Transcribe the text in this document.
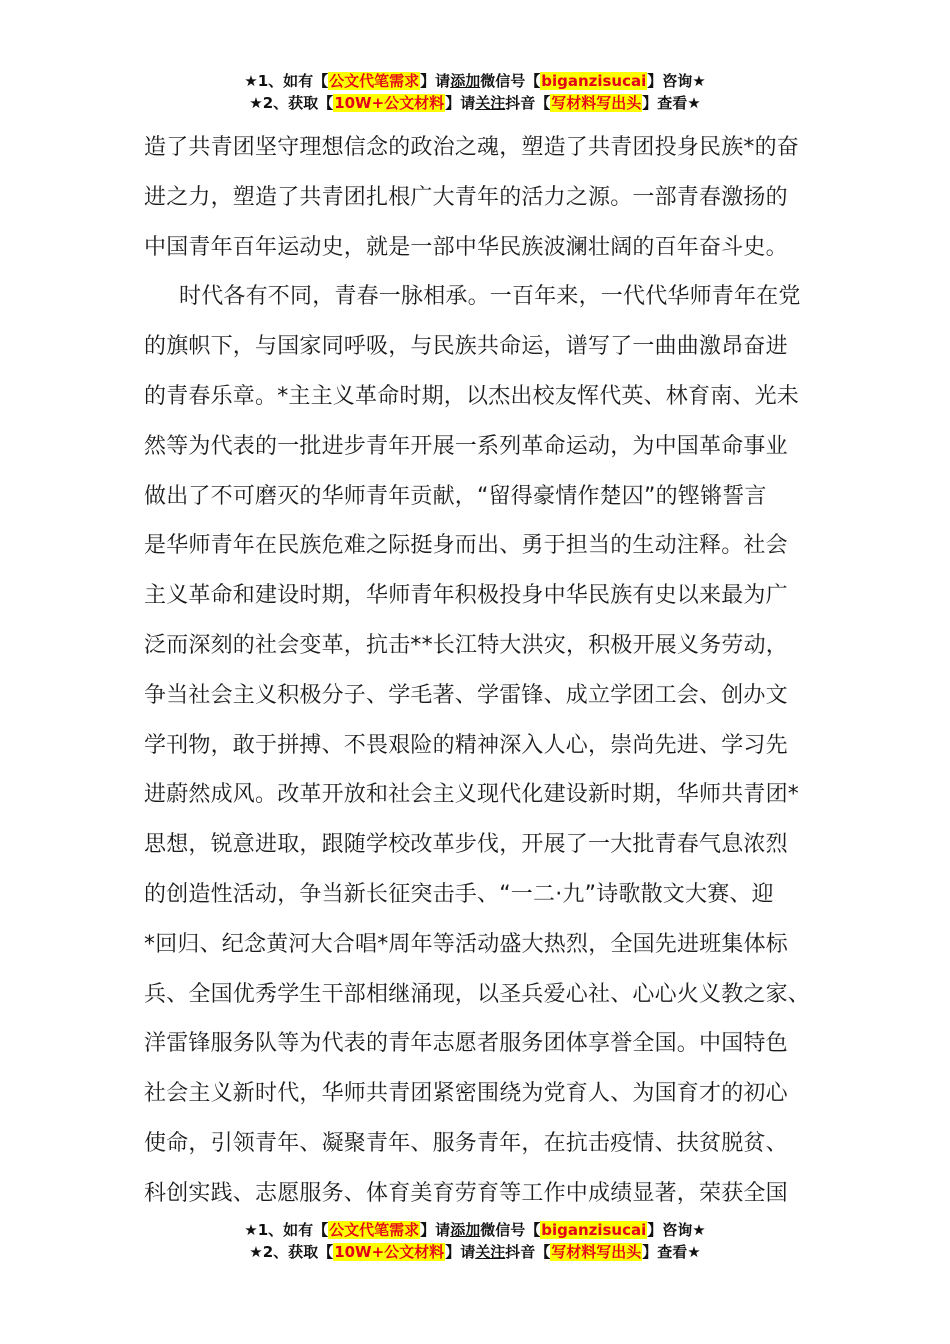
★1、如有【公文代笔需求】请添加微信号【biganzisucai】咨询★
★2、获取【10W+公文材料】请关注抖音【写材料写出头】查看★

造了共青团坚守理想信念的政治之魂，塑造了共青团投身民族*的奋
进之力，塑造了共青团扎根广大青年的活力之源。一部青春激扬的
中国青年百年运动史，就是一部中华民族波澜壮阔的百年奋斗史。

时代各有不同，青春一脉相承。一百年来，一代代华师青年在党
的旗帜下，与国家同呼吸，与民族共命运，谱写了一曲曲激昂奋进
的青春乐章。*主主义革命时期，以杰出校友恽代英、林育南、光未
然等为代表的一批进步青年开展一系列革命运动，为中国革命事业
做出了不可磨灭的华师青年贡献，“留得豪情作楚囚”的铿锵誓言
是华师青年在民族危难之际挺身而出、勇于担当的生动注释。社会
主义革命和建设时期，华师青年积极投身中华民族有史以来最为广
泛而深刻的社会变革，抗击**长江特大洪灾，积极开展义务劳动，
争当社会主义积极分子、学毛著、学雷锋、成立学团工会、创办文
学刊物，敢于拼搏、不畏艰险的精神深入人心，崇尚先进、学习先
进蔚然成风。改革开放和社会主义现代化建设新时期，华师共青团*
思想，锐意进取，跟随学校改革步伐，开展了一大批青春气息浓烈
的创造性活动，争当新长征突击手、“一二·九”诗歌散文大赛、迎
*回归、纪念黄河大合唱*周年等活动盛大热烈，全国先进班集体标
兵、全国优秀学生干部相继涌现，以圣兵爱心社、心心火义教之家、
洋雷锋服务队等为代表的青年志愿者服务团体享誉全国。中国特色
社会主义新时代，华师共青团紧密围绕为党育人、为国育才的初心
使命，引领青年、凝聚青年、服务青年，在抗击疫情、扶贫脱贫、
科创实践、志愿服务、体育美育劳育等工作中成绩显著，荣获全国

★1、如有【公文代笔需求】请添加微信号【biganzisucai】咨询★
★2、获取【10W+公文材料】请关注抖音【写材料写出头】查看★
